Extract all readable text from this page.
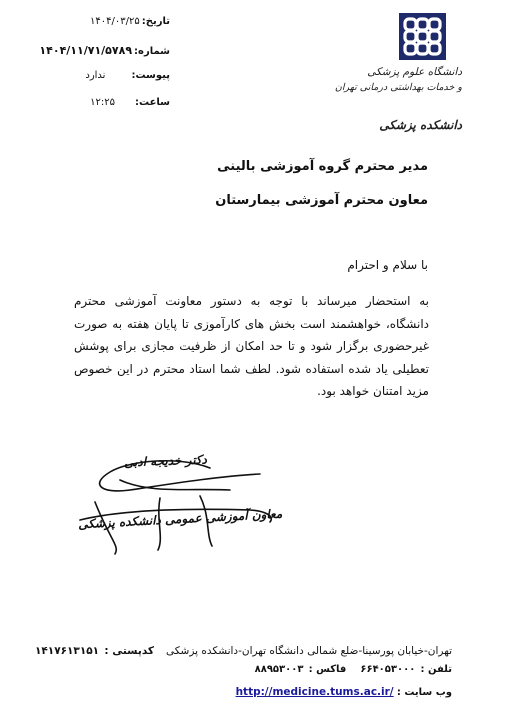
دانشگاه علوم پزشکی
و خدمات بهداشتی درمانی تهران
دانشکده پزشکی
تاریخ:۱۴۰۴/۰۳/۲۵
شماره:۱۴۰۴/۱۱/۷۱/۵۷۸۹
پیوست:ندارد
ساعت:۱۲:۲۵
مدیر محترم گروه آموزشی بالینی
معاون محترم آموزشی بیمارستان
با سلام و احترام
به استحضار میرساند با توجه به دستور معاونت آموزشی محترم دانشگاه، خواهشمند است بخش های کارآموزی تا پایان هفته به صورت غیرحضوری برگزار شود و تا حد امکان از ظرفیت مجازی برای پوشش تعطیلی یاد شده استفاده شود. لطف شما استاد محترم در این خصوص مزید امتنان خواهد بود.
دکتر خدیجه ادبی
معاون آموزشی عمومی دانشکده پزشکی
تهران-خیابان پورسینا-ضلع شمالی دانشگاه تهران-دانشکده پزشکیکدپستی : ۱۴۱۷۶۱۳۱۵۱
تلفن : ۶۶۴۰۵۳۰۰۰فاکس : ۸۸۹۵۳۰۰۳
وب سایت : http://medicine.tums.ac.ir/
